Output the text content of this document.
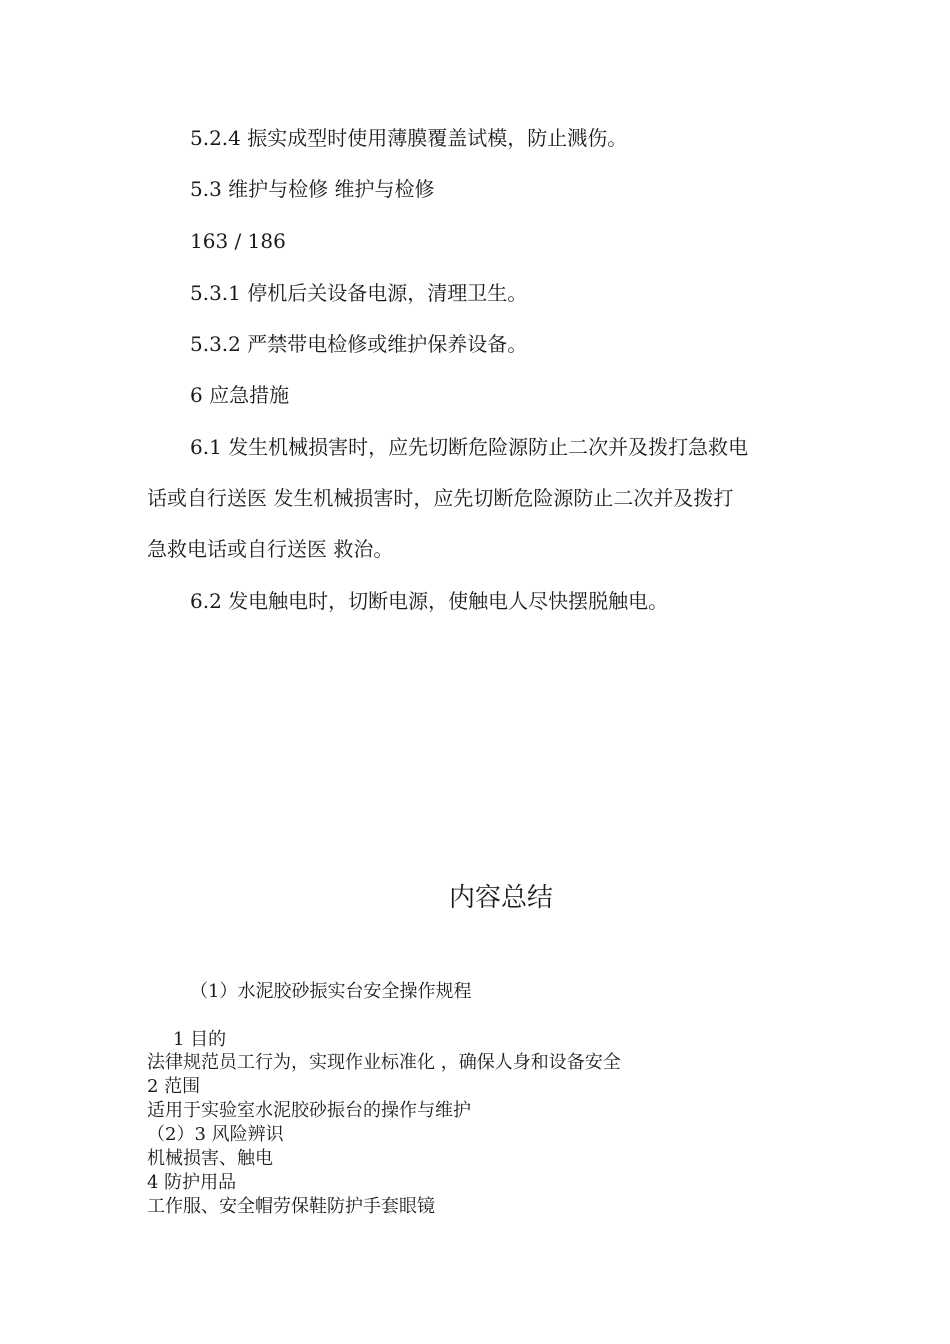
5.2.4 振实成型时使用薄膜覆盖试模，防止溅伤。

5.3 维护与检修 维护与检修

163 / 186

5.3.1 停机后关设备电源，清理卫生。

5.3.2 严禁带电检修或维护保养设备。

6 应急措施

6.1 发生机械损害时，应先切断危险源防止二次并及拨打急救电

话或自行送医 发生机械损害时，应先切断危险源防止二次并及拨打

急救电话或自行送医 救治。

6.2 发电触电时，切断电源，使触电人尽快摆脱触电。

内容总结

（1）水泥胶砂振实台安全操作规程

1 目的

法律规范员工行为，实现作业标准化 ，确保人身和设备安全

2 范围

适用于实验室水泥胶砂振台的操作与维护

（2）3 风险辨识

机械损害、触电

4 防护用品

工作服、安全帽劳保鞋防护手套眼镜
